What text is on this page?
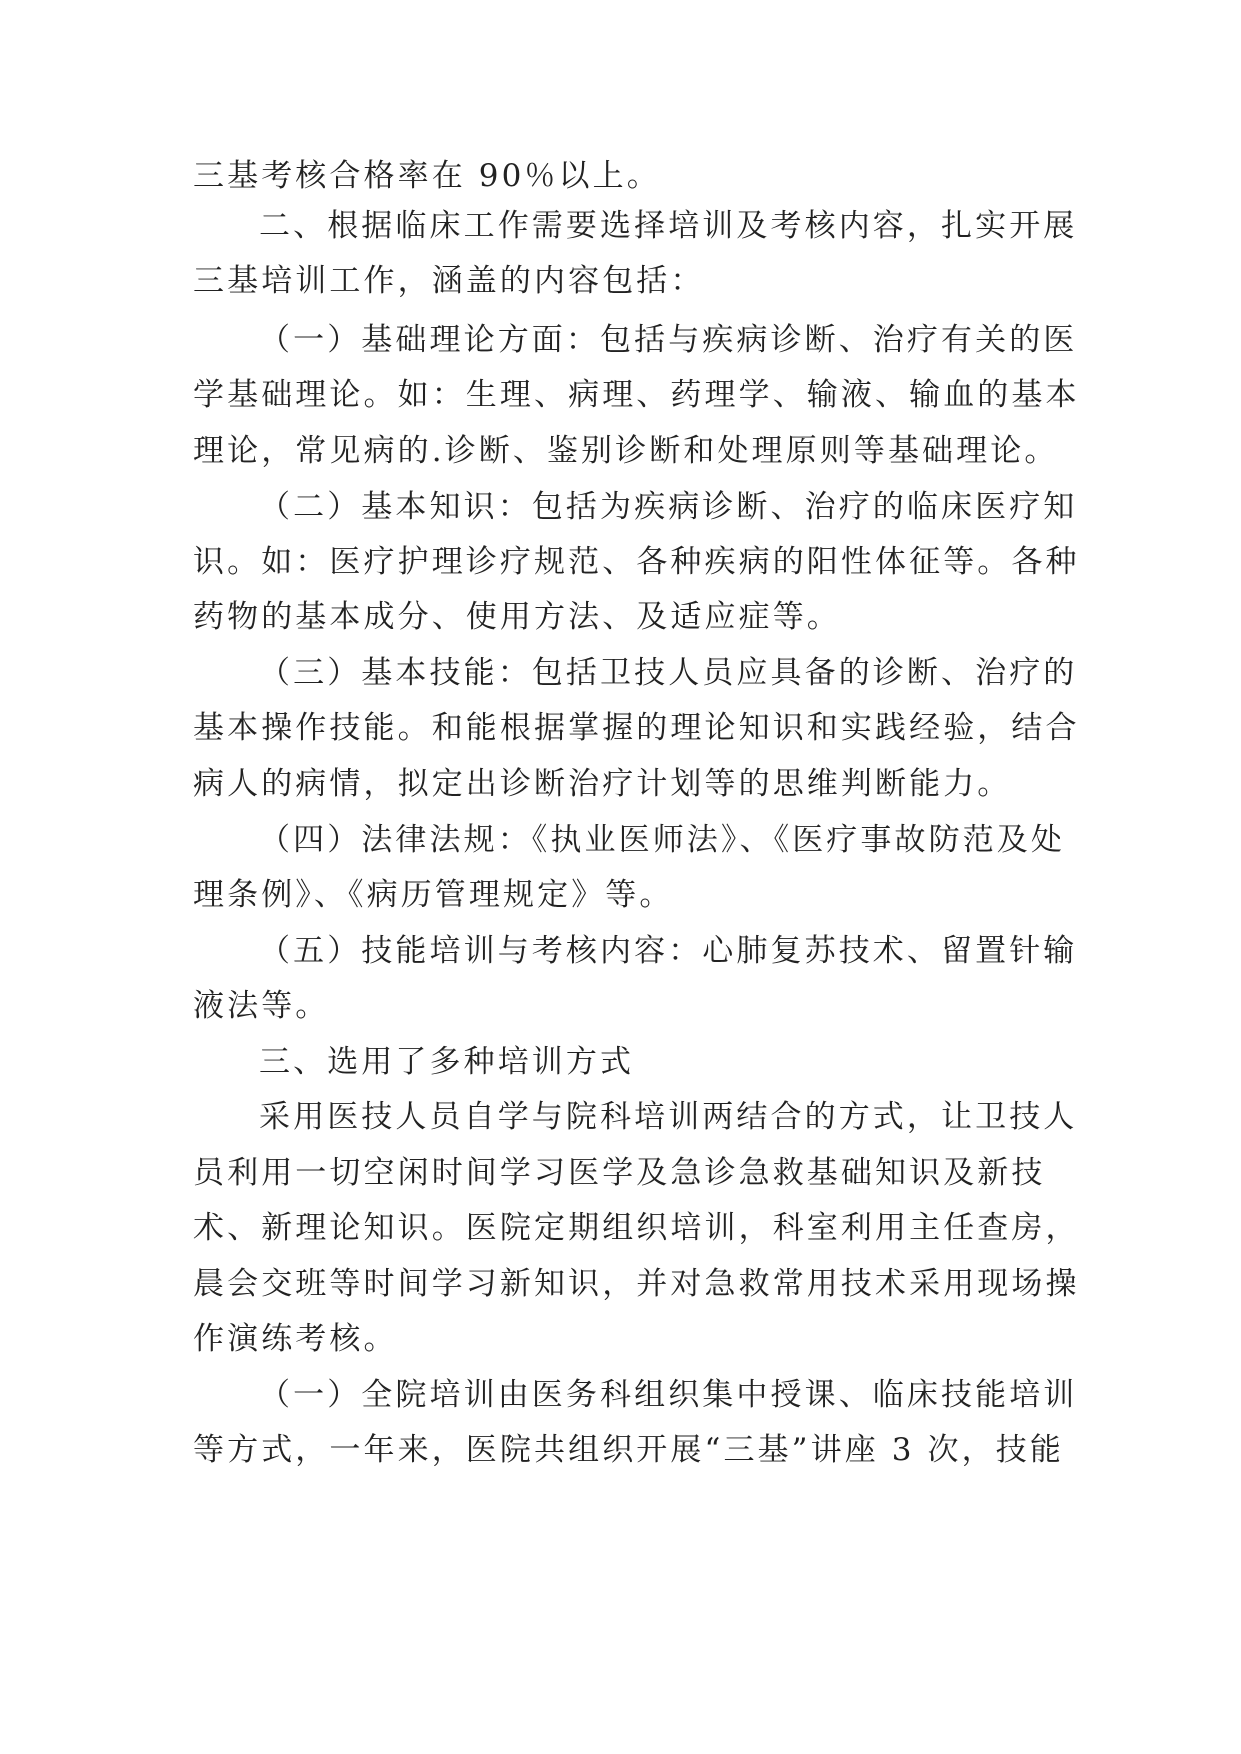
三基考核合格率在 90％以上。
二、根据临床工作需要选择培训及考核内容，扎实开展
三基培训工作，涵盖的内容包括：
（一）基础理论方面：包括与疾病诊断、治疗有关的医
学基础理论。如：生理、病理、药理学、输液、输血的基本
理论，常见病的.诊断、鉴别诊断和处理原则等基础理论。
（二）基本知识：包括为疾病诊断、治疗的临床医疗知
识。如：医疗护理诊疗规范、各种疾病的阳性体征等。各种
药物的基本成分、使用方法、及适应症等。
（三）基本技能：包括卫技人员应具备的诊断、治疗的
基本操作技能。和能根据掌握的理论知识和实践经验，结合
病人的病情，拟定出诊断治疗计划等的思维判断能力。
（四）法律法规：《执业医师法》、《医疗事故防范及处
理条例》、《病历管理规定》等。
（五）技能培训与考核内容：心肺复苏技术、留置针输
液法等。
三、选用了多种培训方式
采用医技人员自学与院科培训两结合的方式，让卫技人
员利用一切空闲时间学习医学及急诊急救基础知识及新技
术、新理论知识。医院定期组织培训，科室利用主任查房，
晨会交班等时间学习新知识，并对急救常用技术采用现场操
作演练考核。
（一）全院培训由医务科组织集中授课、临床技能培训
等方式，一年来，医院共组织开展“三基”讲座 3 次，技能
